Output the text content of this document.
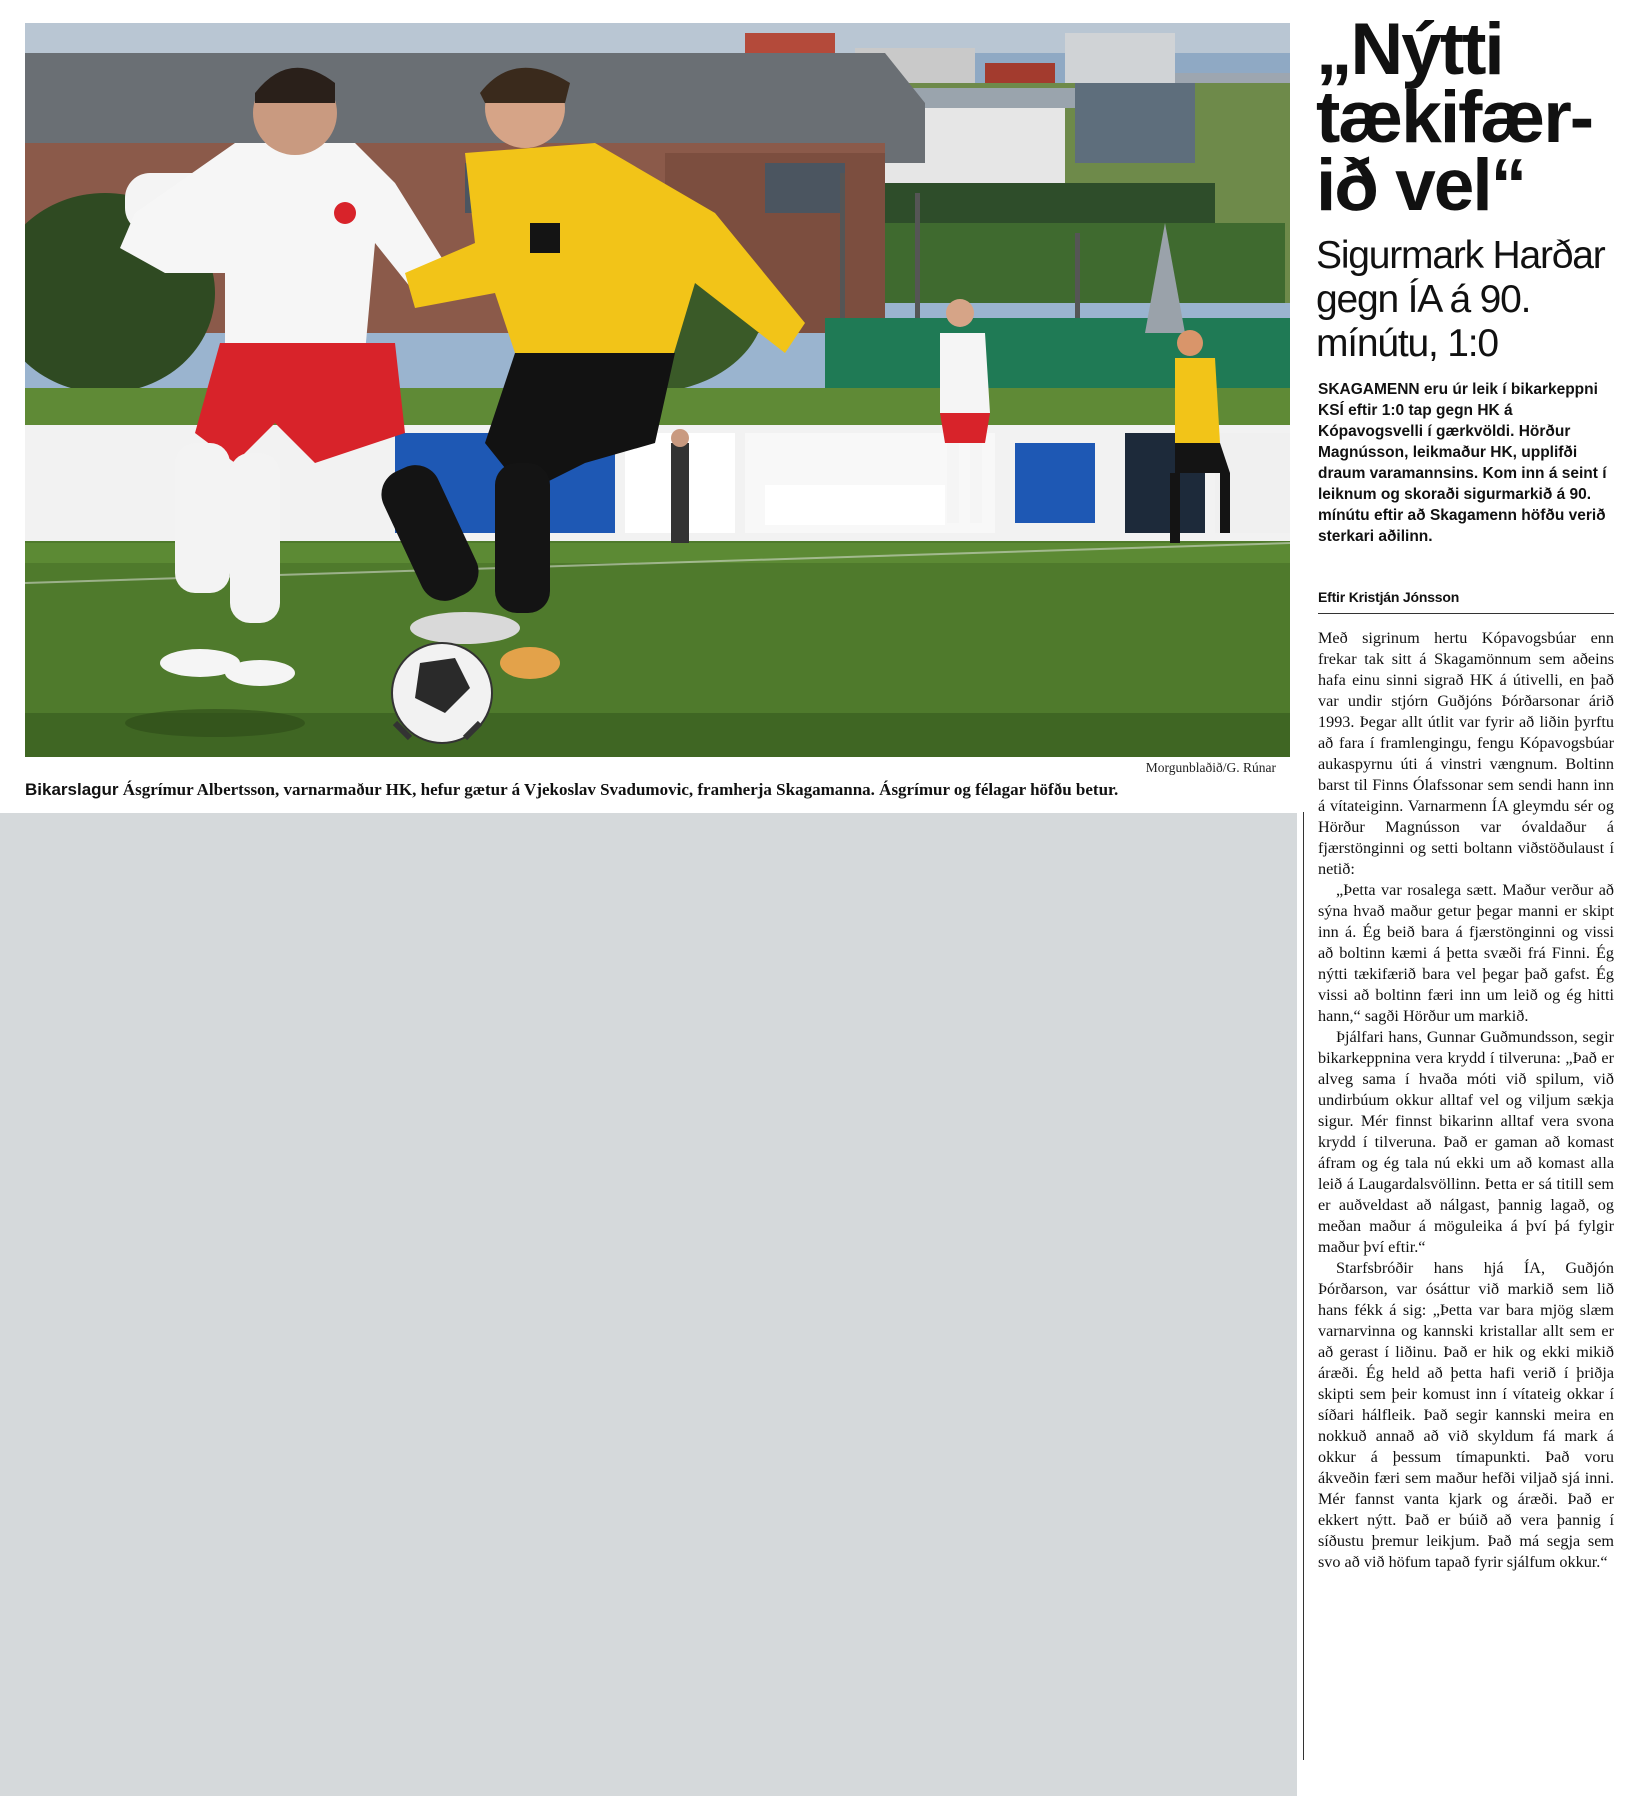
Morgunblaðið/G. Rúnar
Bikarslagur Ásgrímur Albertsson, varnarmaður HK, hefur gætur á Vjekoslav Svadumovic, framherja Skagamanna. Ásgrímur og félagar höfðu betur.
„Nýtti
tækifær-
ið vel“
Sigurmark Harðar gegn ÍA á 90. mínútu, 1:0
SKAGAMENN eru úr leik í bikarkeppni KSÍ eftir 1:0 tap gegn HK á Kópavogsvelli í gærkvöldi. Hörður Magnússon, leikmaður HK, upplifði draum varamannsins. Kom inn á seint í leiknum og skoraði sigurmarkið á 90. mínútu eftir að Skagamenn höfðu verið sterkari aðilinn.
Eftir Kristján Jónsson

Með sigrinum hertu Kópavogsbúar enn frekar tak sitt á Skagamönnum sem aðeins hafa einu sinni sigrað HK á útivelli, en það var undir stjórn Guðjóns Þórðarsonar árið 1993. Þegar allt útlit var fyrir að liðin þyrftu að fara í framlengingu, fengu Kópavogsbúar aukaspyrnu úti á vinstri vængnum. Boltinn barst til Finns Ólafssonar sem sendi hann inn á vítateiginn. Varnarmenn ÍA gleymdu sér og Hörður Magnússon var óvaldaður á fjærstönginni og setti boltann viðstöðulaust í netið:

„Þetta var rosalega sætt. Maður verður að sýna hvað maður getur þegar manni er skipt inn á. Ég beið bara á fjærstönginni og vissi að boltinn kæmi á þetta svæði frá Finni. Ég nýtti tækifærið bara vel þegar það gafst. Ég vissi að boltinn færi inn um leið og ég hitti hann,“ sagði Hörður um markið.

Þjálfari hans, Gunnar Guðmundsson, segir bikarkeppnina vera krydd í tilveruna: „Það er alveg sama í hvaða móti við spilum, við undirbúum okkur alltaf vel og viljum sækja sigur. Mér finnst bikarinn alltaf vera svona krydd í tilveruna. Það er gaman að komast áfram og ég tala nú ekki um að komast alla leið á Laugardalsvöllinn. Þetta er sá titill sem er auðveldast að nálgast, þannig lagað, og meðan maður á möguleika á því þá fylgir maður því eftir.“

Starfsbróðir hans hjá ÍA, Guðjón Þórðarson, var ósáttur við markið sem lið hans fékk á sig: „Þetta var bara mjög slæm varnarvinna og kannski kristallar allt sem er að gerast í liðinu. Það er hik og ekki mikið áræði. Ég held að þetta hafi verið í þriðja skipti sem þeir komust inn í vítateig okkar í síðari hálfleik. Það segir kannski meira en nokkuð annað að við skyldum fá mark á okkur á þessum tímapunkti. Það voru ákveðin færi sem maður hefði viljað sjá inni. Mér fannst vanta kjark og áræði. Það er ekkert nýtt. Það er búið að vera þannig í síðustu þremur leikjum. Það má segja sem svo að við höfum tapað fyrir sjálfum okkur.“
